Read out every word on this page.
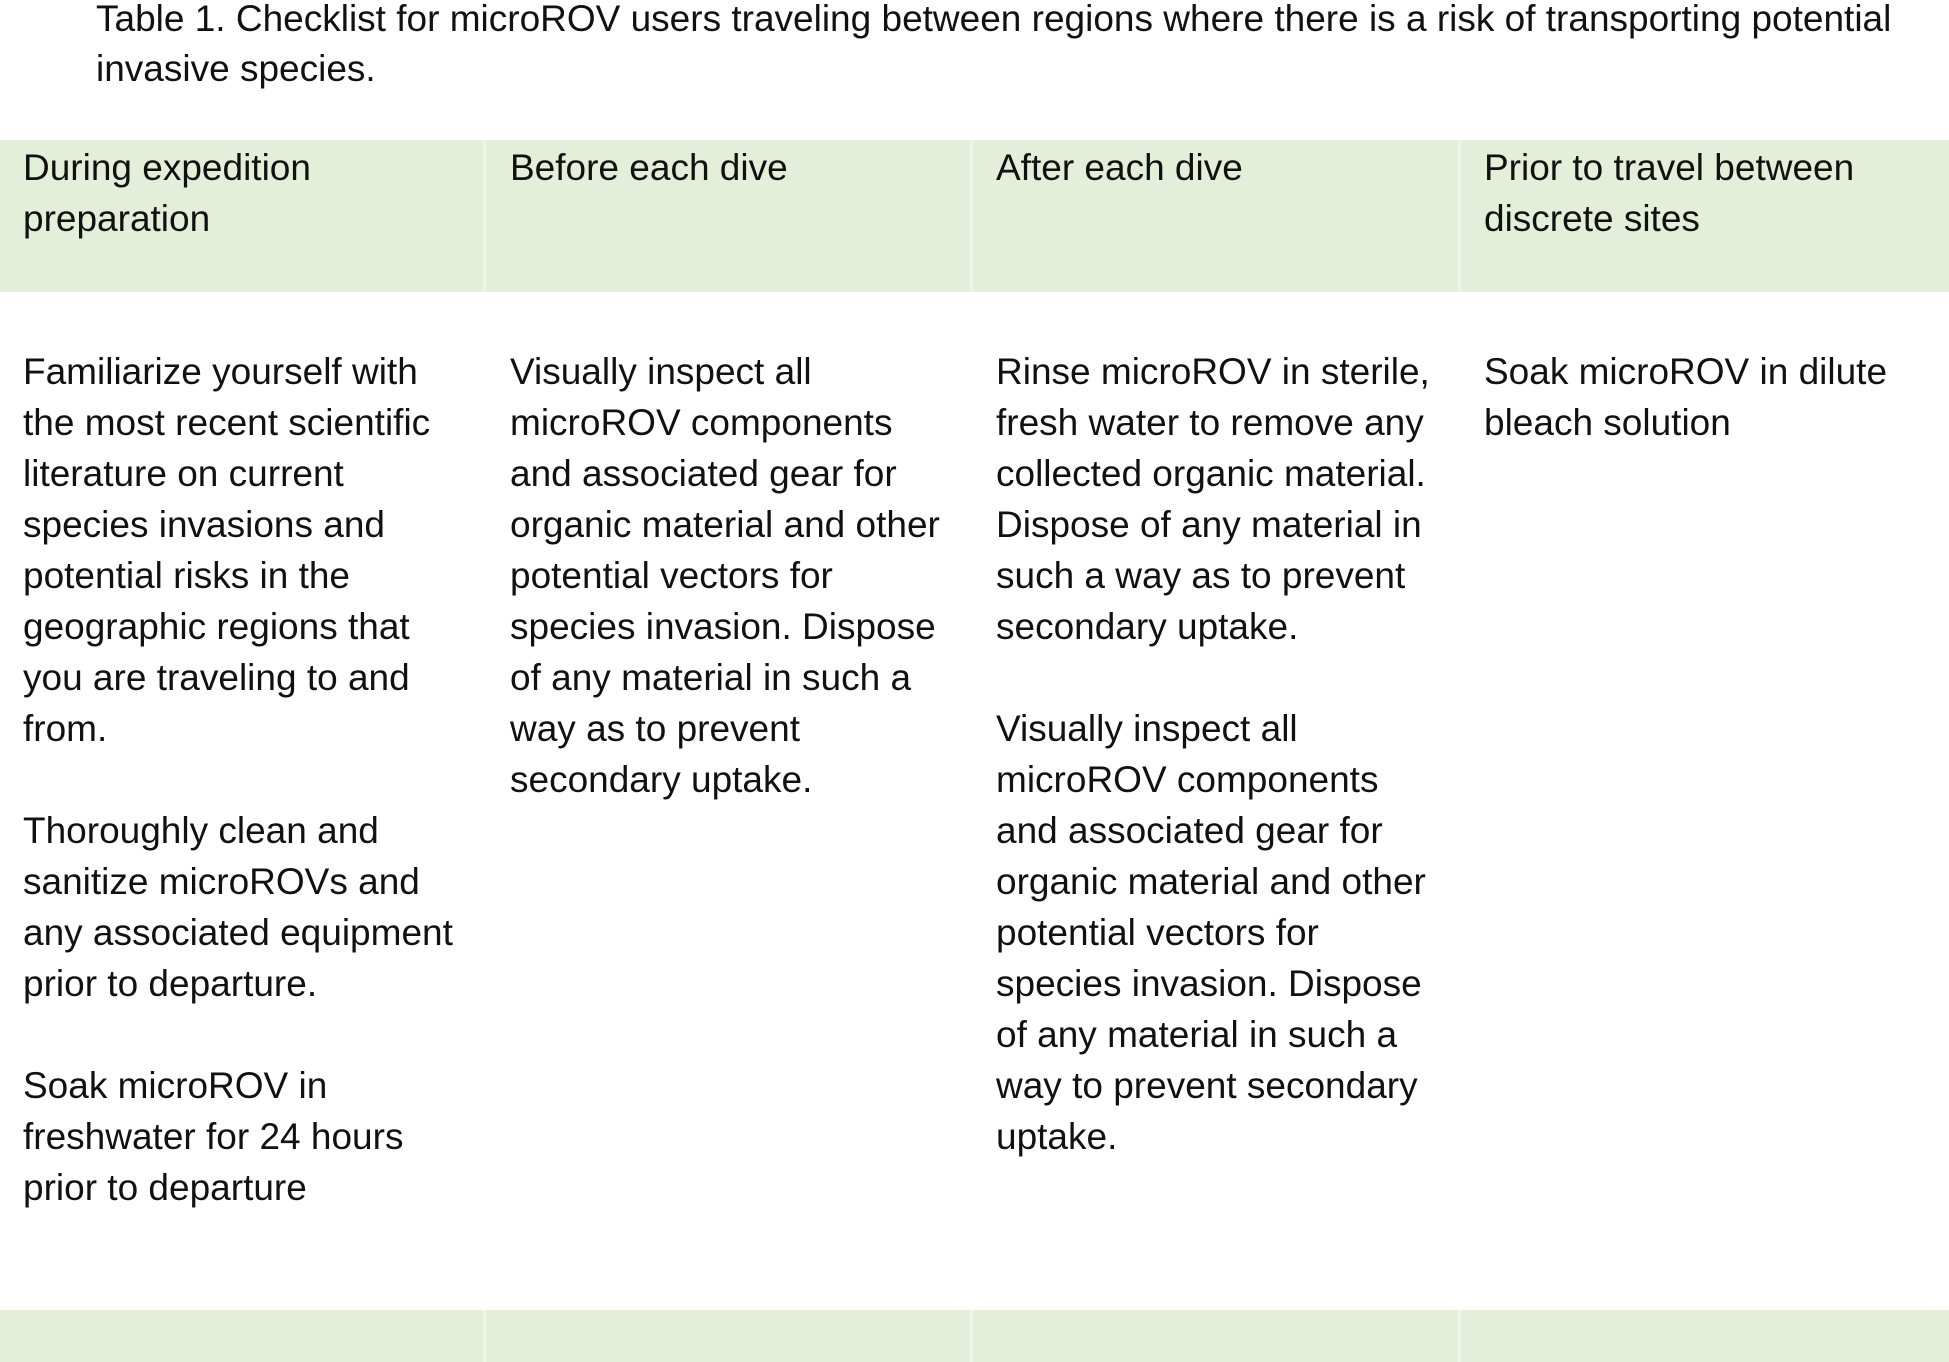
Table 1. Checklist for microROV users traveling between regions where there is a risk of transporting potential invasive species.

During expedition preparation
Before each dive	After each dive	Prior to travel between discrete sites

Familiarize yourself with the most recent scientific literature on current species invasions and potential risks in the geographic regions that you are traveling to and from.

Thoroughly clean and sanitize microROVs and any associated equipment prior to departure.

Soak microROV in freshwater for 24 hours prior to departure

Visually inspect all microROV components and associated gear for organic material and other potential vectors for species invasion. Dispose of any material in such a way as to prevent secondary uptake.

Rinse microROV in sterile, fresh water to remove any collected organic material. Dispose of any material in such a way as to prevent secondary uptake.

Visually inspect all microROV components and associated gear for organic material and other potential vectors for species invasion. Dispose of any material in such a way to prevent secondary uptake.

Soak microROV in dilute bleach solution
